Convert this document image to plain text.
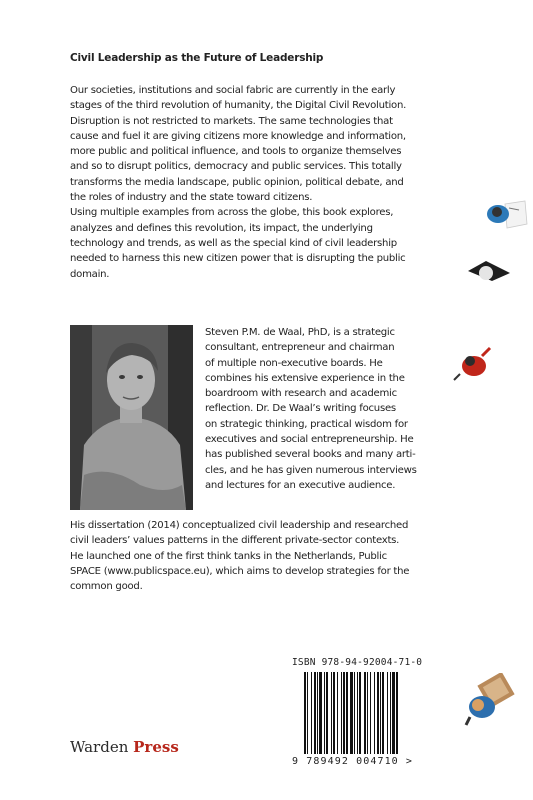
Civil Leadership as the Future of Leadership
Our societies, institutions and social fabric are currently in the early
stages of the third revolution of humanity, the Digital Civil Revolution.
Disruption is not restricted to markets. The same technologies that
cause and fuel it are giving citizens more knowledge and information,
more public and political influence, and tools to organize themselves
and so to disrupt politics, democracy and public services. This totally
transforms the media landscape, public opinion, political debate, and
the roles of industry and the state toward citizens.
Using multiple examples from across the globe, this book explores,
analyzes and defines this revolution, its impact, the underlying
technology and trends, as well as the special kind of civil leadership
needed to harness this new citizen power that is disrupting the public
domain.
Steven P.M. de Waal, PhD, is a strategic
consultant, entrepreneur and chairman
of multiple non-executive boards. He
combines his extensive experience in the
boardroom with research and academic
reflection. Dr. De Waal’s writing focuses
on strategic thinking, practical wisdom for
executives and social entrepreneurship. He
has published several books and many arti-
cles, and he has given numerous interviews
and lectures for an executive audience.
His dissertation (2014) conceptualized civil leadership and researched
civil leaders’ values patterns in the different private-sector contexts.
He launched one of the first think tanks in the Netherlands, Public
SPACE (www.publicspace.eu), which aims to develop strategies for the
common good.
Warden Press
ISBN 978-94-92004-71-0
9 789492 004710 >
